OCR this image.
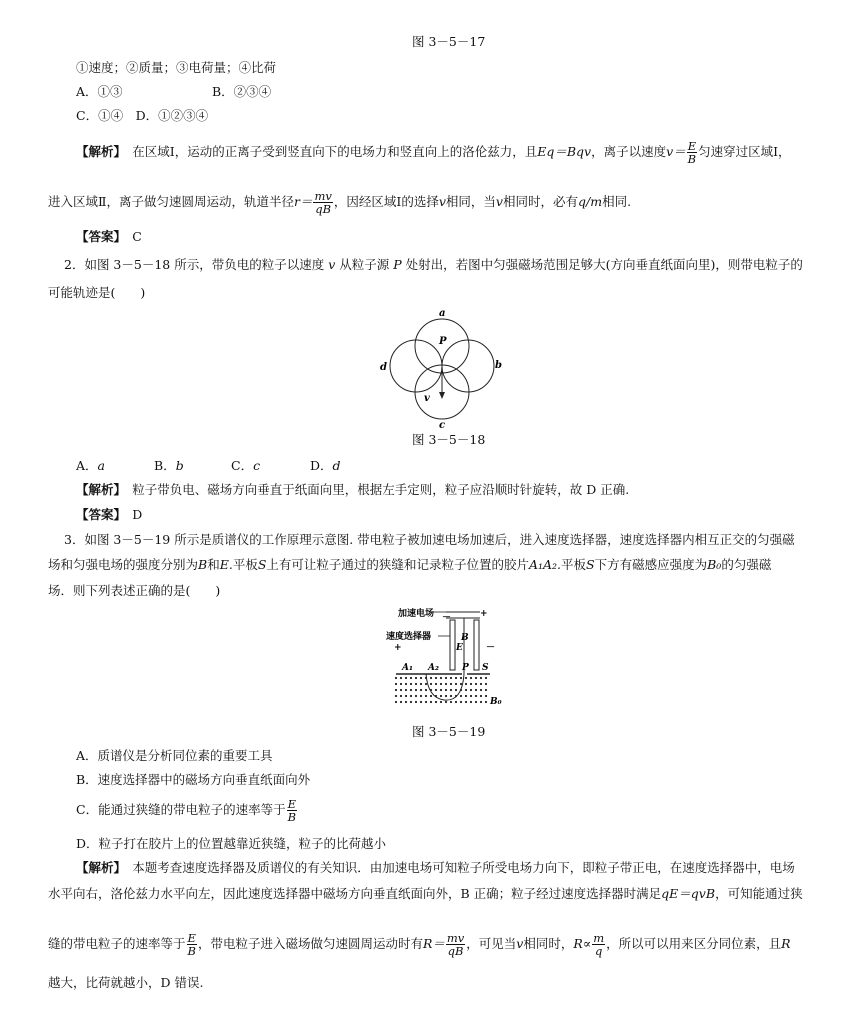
图 3－5－17
①速度；②质量；③电荷量；④比荷
A．①③	B．②③④
C．①④　 D．①②③④
【解析】　 在区域Ⅰ，运动的正离子受到竖直向下的电场力和竖直向上的洛伦兹力，且Eq＝Bqv，离子以速度$v= \frac{E}{B}$ 匀速穿过区域Ⅰ，
进入区域Ⅱ，离子做匀速圆周运动，轨道半径$r= \frac{mv}{qB}$ ，因经区域Ⅰ的选择v相同，当v相同时，必有q/m相同.
【答案】　 C
2．如图 3－5－18 所示，带负电的粒子以速度 v 从粒子源 P 处射出，若图中匀强磁场范围足够大(方向垂直纸面向里)，则带电粒子的
可能轨迹是(　　)
a
b
c
d
P
v
图 3－5－18
A．a	B．b	C．c	D．d
【解析】　 粒子带负电、磁场方向垂直于纸面向里，根据左手定则，粒子应沿顺时针旋转，故 D 正确.
【答案】　 D
3．如图 3－5－19 所示是质谱仪的工作原理示意图. 带电粒子被加速电场加速后，进入速度选择器，速度选择器内相互正交的匀强磁
场和匀强电场的强度分别为B和E.平板S上有可让粒子通过的狭缝和记录粒子位置的胶片A₁A₂.平板S下方有磁感应强度为B₀的匀强磁
场．则下列表述正确的是(　　)
加速电场	+
－
速度选择器
+	－
B
E
A₁ A₂	P S
B₀
图 3－5－19
A．质谱仪是分析同位素的重要工具
B．速度选择器中的磁场方向垂直纸面向外
C．能通过狭缝的带电粒子的速率等于 $\frac{E}{B}$
D．粒子打在胶片上的位置越靠近狭缝，粒子的比荷越小
【解析】　 本题考查速度选择器及质谱仪的有关知识．由加速电场可知粒子所受电场力向下，即粒子带正电，在速度选择器中，电场
水平向右，洛伦兹力水平向左，因此速度选择器中磁场方向垂直纸面向外，B 正确；粒子经过速度选择器时满足qE＝qvB，可知能通过狭
缝的带电粒子的速率等于 $\frac{E}{B}$ ，带电粒子进入磁场做匀速圆周运动时有$R= \frac{mv}{qB}$ ，可见当v相同时，$R\propto \frac{m}{q}$ ，所以可以用来区分同位素，且R
越大，比荷就越小，D 错误.
